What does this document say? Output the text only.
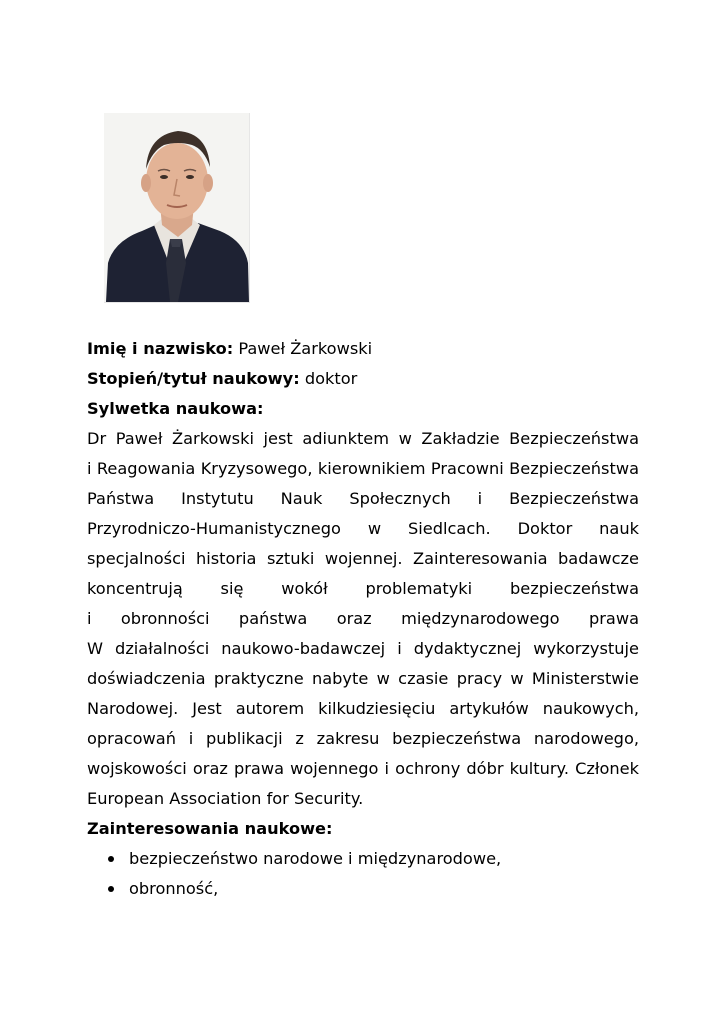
Imię i nazwisko: Paweł Żarkowski
Stopień/tytuł naukowy: doktor
Sylwetka naukowa:
Dr Paweł Żarkowski jest adiunktem w Zakładzie Bezpieczeństwa
i Reagowania Kryzysowego, kierownikiem Pracowni Bezpieczeństwa
Państwa Instytutu Nauk Społecznych i Bezpieczeństwa
Przyrodniczo-Humanistycznego w Siedlcach. Doktor nauk
specjalności historia sztuki wojennej. Zainteresowania badawcze
koncentrują się wokół problematyki bezpieczeństwa
i obronności państwa oraz międzynarodowego prawa
W działalności naukowo-badawczej i dydaktycznej wykorzystuje
doświadczenia praktyczne nabyte w czasie pracy w Ministerstwie
Narodowej. Jest autorem kilkudziesięciu artykułów naukowych,
opracowań i publikacji z zakresu bezpieczeństwa narodowego,
wojskowości oraz prawa wojennego i ochrony dóbr kultury. Członek
European Association for Security.
Zainteresowania naukowe:
bezpieczeństwo narodowe i międzynarodowe,
obronność,
